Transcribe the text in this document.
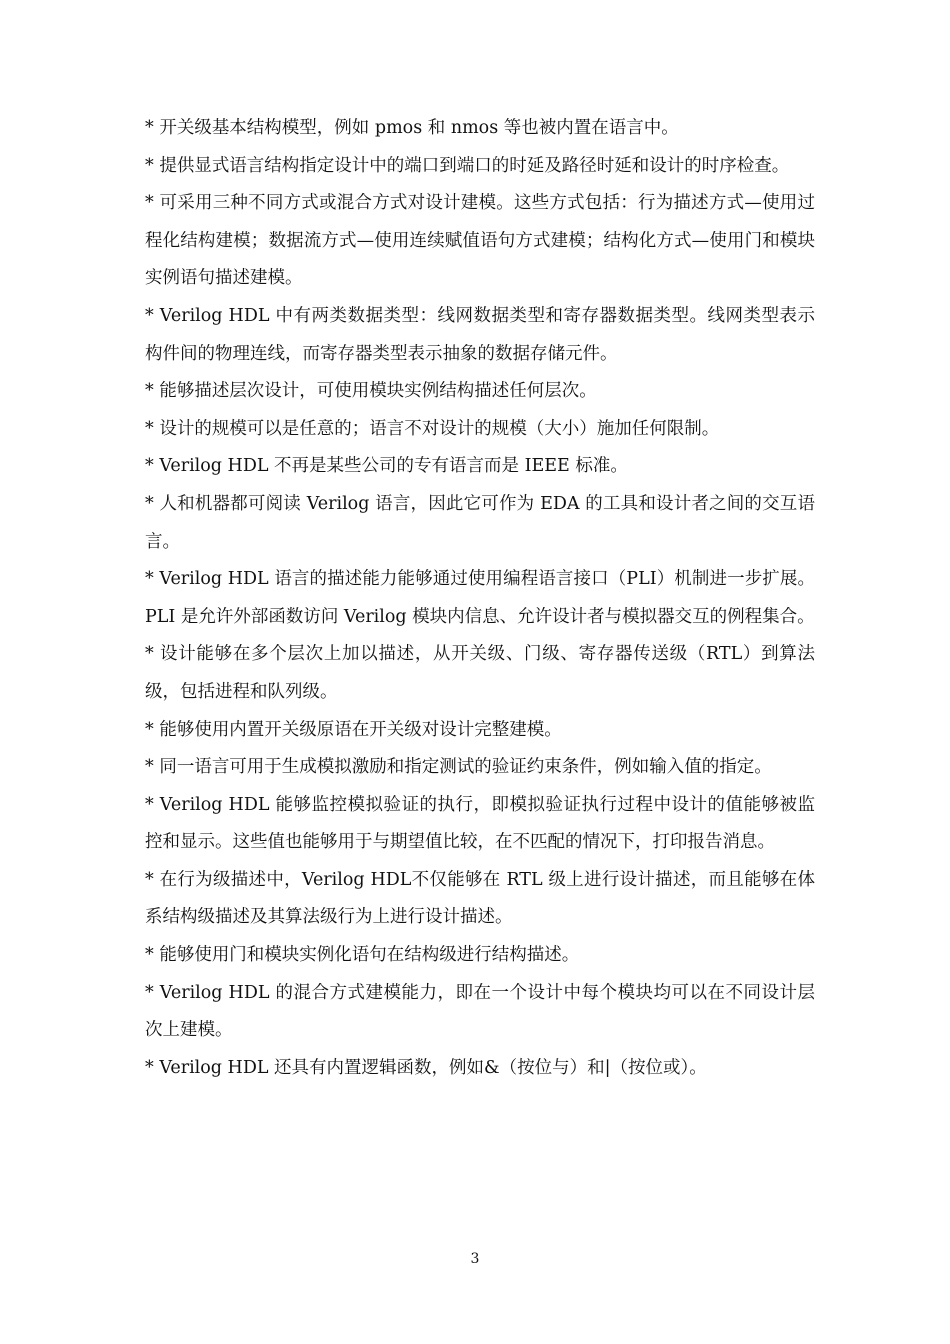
* 开关级基本结构模型，例如 pmos 和 nmos 等也被内置在语言中。

* 提供显式语言结构指定设计中的端口到端口的时延及路径时延和设计的时序检查。

* 可采用三种不同方式或混合方式对设计建模。这些方式包括：行为描述方式—使用过程化结构建模；数据流方式—使用连续赋值语句方式建模；结构化方式—使用门和模块实例语句描述建模。

* Verilog HDL 中有两类数据类型：线网数据类型和寄存器数据类型。线网类型表示构件间的物理连线，而寄存器类型表示抽象的数据存储元件。

* 能够描述层次设计，可使用模块实例结构描述任何层次。

* 设计的规模可以是任意的；语言不对设计的规模（大小）施加任何限制。

* Verilog HDL 不再是某些公司的专有语言而是 IEEE 标准。

* 人和机器都可阅读 Verilog 语言，因此它可作为 EDA 的工具和设计者之间的交互语言。

* Verilog HDL 语言的描述能力能够通过使用编程语言接口（PLI）机制进一步扩展。PLI 是允许外部函数访问 Verilog 模块内信息、允许设计者与模拟器交互的例程集合。

* 设计能够在多个层次上加以描述，从开关级、门级、寄存器传送级（RTL）到算法级，包括进程和队列级。

* 能够使用内置开关级原语在开关级对设计完整建模。

* 同一语言可用于生成模拟激励和指定测试的验证约束条件，例如输入值的指定。

* Verilog HDL 能够监控模拟验证的执行，即模拟验证执行过程中设计的值能够被监控和显示。这些值也能够用于与期望值比较，在不匹配的情况下，打印报告消息。

* 在行为级描述中，Verilog HDL不仅能够在 RTL 级上进行设计描述，而且能够在体系结构级描述及其算法级行为上进行设计描述。

* 能够使用门和模块实例化语句在结构级进行结构描述。

* Verilog HDL 的混合方式建模能力，即在一个设计中每个模块均可以在不同设计层次上建模。

* Verilog HDL 还具有内置逻辑函数，例如&（按位与）和|（按位或）。

3
